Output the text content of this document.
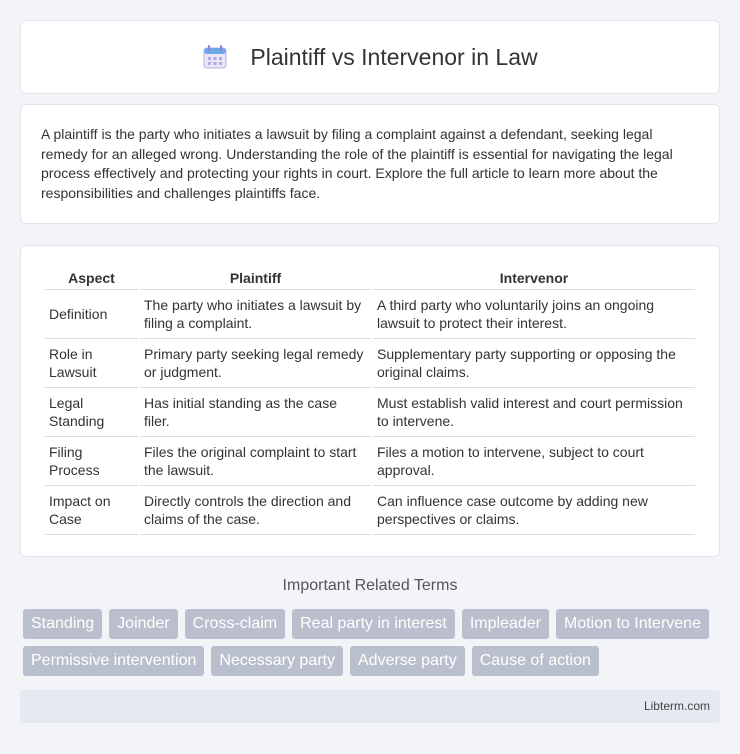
Plaintiff vs Intervenor in Law

A plaintiff is the party who initiates a lawsuit by filing a complaint against a defendant, seeking legal remedy for an alleged wrong. Understanding the role of the plaintiff is essential for navigating the legal process effectively and protecting your rights in court. Explore the full article to learn more about the responsibilities and challenges plaintiffs face.

Aspect	Plaintiff	Intervenor
Definition	The party who initiates a lawsuit by filing a complaint.	A third party who voluntarily joins an ongoing lawsuit to protect their interest.
Role in Lawsuit	Primary party seeking legal remedy or judgment.	Supplementary party supporting or opposing the original claims.
Legal Standing	Has initial standing as the case filer.	Must establish valid interest and court permission to intervene.
Filing Process	Files the original complaint to start the lawsuit.	Files a motion to intervene, subject to court approval.
Impact on Case	Directly controls the direction and claims of the case.	Can influence case outcome by adding new perspectives or claims.
Important Related Terms
Standing	Joinder	Cross-claim	Real party in interest	Impleader	Motion to Intervene
Permissive intervention	Necessary party	Adverse party	Cause of action
Libterm.com
